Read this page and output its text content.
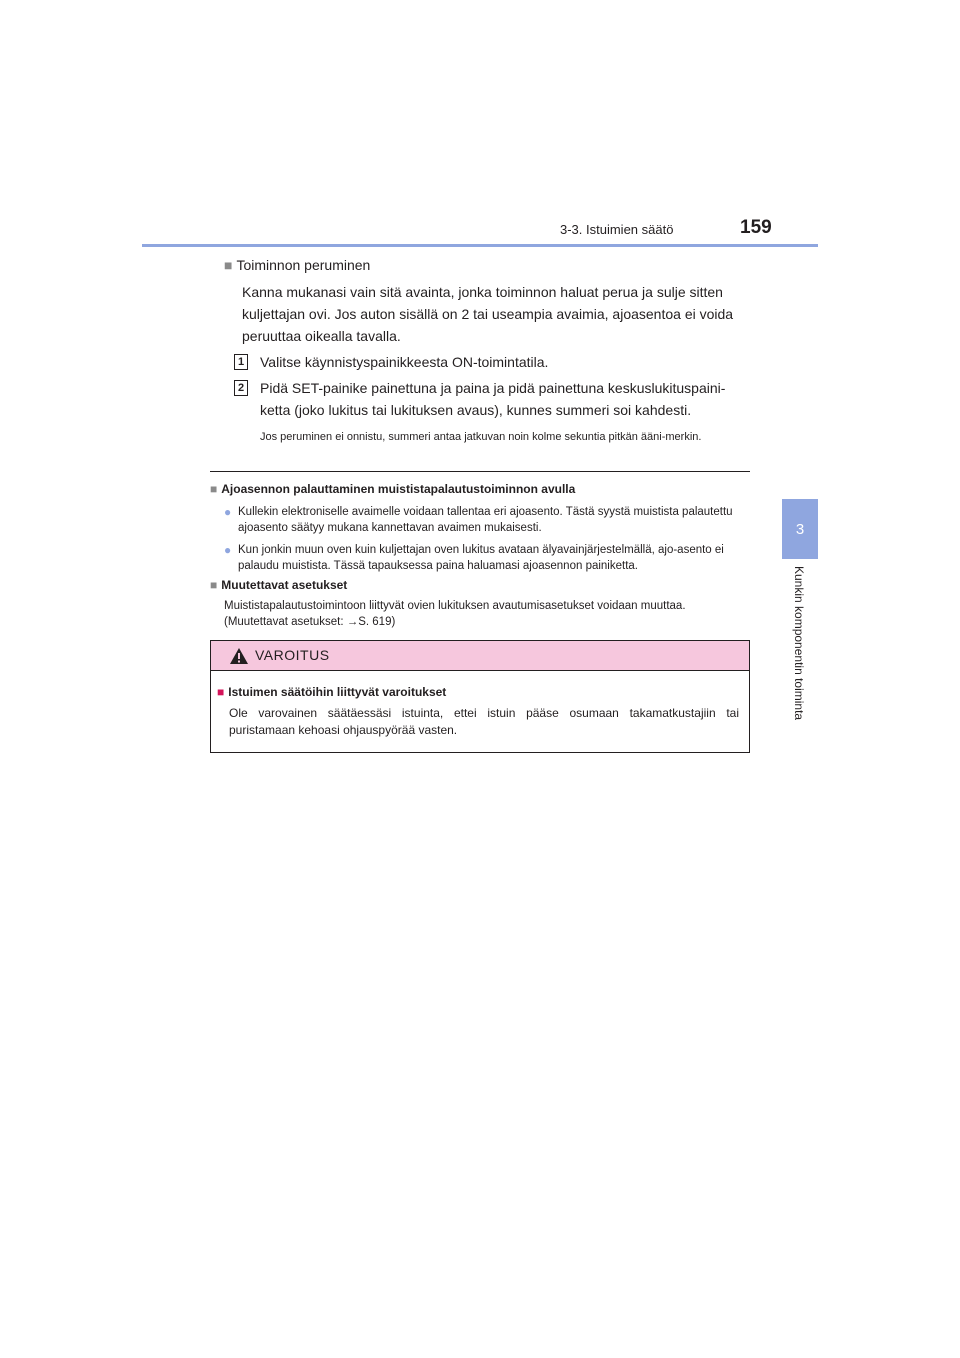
3-3. Istuimien säätö	159
3
Kunkin komponentin toiminta
■ Toiminnon peruminen
Kanna mukanasi vain sitä avainta, jonka toiminnon haluat perua ja sulje sitten kuljettajan ovi. Jos auton sisällä on 2 tai useampia avaimia, ajoasentoa ei voida peruuttaa oikealla tavalla.
1 Valitse käynnistyspainikkeesta ON-toimintatila.
2 Pidä SET-painike painettuna ja paina ja pidä painettuna keskuslukituspaini-ketta (joko lukitus tai lukituksen avaus), kunnes summeri soi kahdesti.
Jos peruminen ei onnistu, summeri antaa jatkuvan noin kolme sekuntia pitkän ääni-merkin.
■ Ajoasennon palauttaminen muististapalautustoiminnon avulla
● Kullekin elektroniselle avaimelle voidaan tallentaa eri ajoasento. Tästä syystä muistista palautettu ajoasento säätyy mukana kannettavan avaimen mukaisesti.
● Kun jonkin muun oven kuin kuljettajan oven lukitus avataan älyavainjärjestelmällä, ajo-asento ei palaudu muistista. Tässä tapauksessa paina haluamasi ajoasennon painiketta.
■ Muutettavat asetukset
Muististapalautustoimintoon liittyvät ovien lukituksen avautumisasetukset voidaan muuttaa.
(Muutettavat asetukset: →S. 619)
VAROITUS
■ Istuimen säätöihin liittyvät varoitukset
Ole varovainen säätäessäsi istuinta, ettei istuin pääse osumaan takamatkustajiin tai puristamaan kehoasi ohjauspyörää vasten.
